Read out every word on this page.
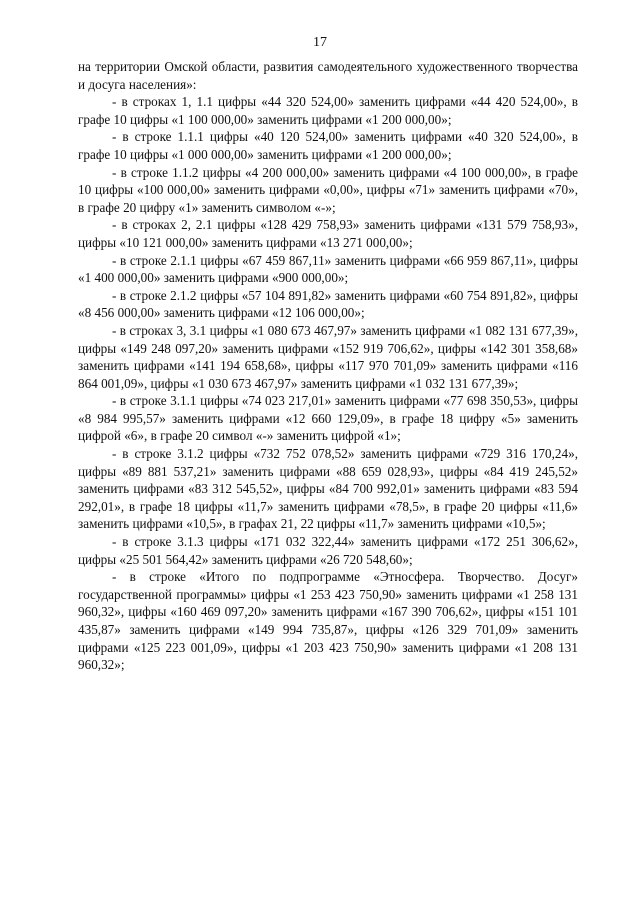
17

на территории Омской области, развития самодеятельного художественного творчества и досуга населения»:

- в строках 1, 1.1 цифры «44 320 524,00» заменить цифрами «44 420 524,00», в графе 10 цифры «1 100 000,00» заменить цифрами «1 200 000,00»;

- в строке 1.1.1 цифры «40 120 524,00» заменить цифрами «40 320 524,00», в графе 10 цифры «1 000 000,00» заменить цифрами «1 200 000,00»;

- в строке 1.1.2 цифры «4 200 000,00» заменить цифрами «4 100 000,00», в графе 10 цифры «100 000,00» заменить цифрами «0,00», цифры «71» заменить цифрами «70», в графе 20 цифру «1» заменить символом «-»;

- в строках 2, 2.1 цифры «128 429 758,93» заменить цифрами «131 579 758,93», цифры «10 121 000,00» заменить цифрами «13 271 000,00»;

- в строке 2.1.1 цифры «67 459 867,11» заменить цифрами «66 959 867,11», цифры «1 400 000,00» заменить цифрами «900 000,00»;

- в строке 2.1.2 цифры «57 104 891,82» заменить цифрами «60 754 891,82», цифры «8 456 000,00» заменить цифрами «12 106 000,00»;

- в строках 3, 3.1 цифры «1 080 673 467,97» заменить цифрами «1 082 131 677,39», цифры «149 248 097,20» заменить цифрами «152 919 706,62», цифры «142 301 358,68» заменить цифрами «141 194 658,68», цифры «117 970 701,09» заменить цифрами «116 864 001,09», цифры «1 030 673 467,97» заменить цифрами «1 032 131 677,39»;

- в строке 3.1.1 цифры «74 023 217,01» заменить цифрами «77 698 350,53», цифры «8 984 995,57» заменить цифрами «12 660 129,09», в графе 18 цифру «5» заменить цифрой «6», в графе 20 символ «-» заменить цифрой «1»;

- в строке 3.1.2 цифры «732 752 078,52» заменить цифрами «729 316 170,24», цифры «89 881 537,21» заменить цифрами «88 659 028,93», цифры «84 419 245,52» заменить цифрами «83 312 545,52», цифры «84 700 992,01» заменить цифрами «83 594 292,01», в графе 18 цифры «11,7» заменить цифрами «78,5», в графе 20 цифры «11,6» заменить цифрами «10,5», в графах 21, 22 цифры «11,7» заменить цифрами «10,5»;

- в строке 3.1.3 цифры «171 032 322,44» заменить цифрами «172 251 306,62», цифры «25 501 564,42» заменить цифрами «26 720 548,60»;

- в строке «Итого по подпрограмме «Этносфера. Творчество. Досуг» государственной программы» цифры «1 253 423 750,90» заменить цифрами «1 258 131 960,32», цифры «160 469 097,20» заменить цифрами «167 390 706,62», цифры «151 101 435,87» заменить цифрами «149 994 735,87», цифры «126 329 701,09» заменить цифрами «125 223 001,09», цифры «1 203 423 750,90» заменить цифрами «1 208 131 960,32»;
